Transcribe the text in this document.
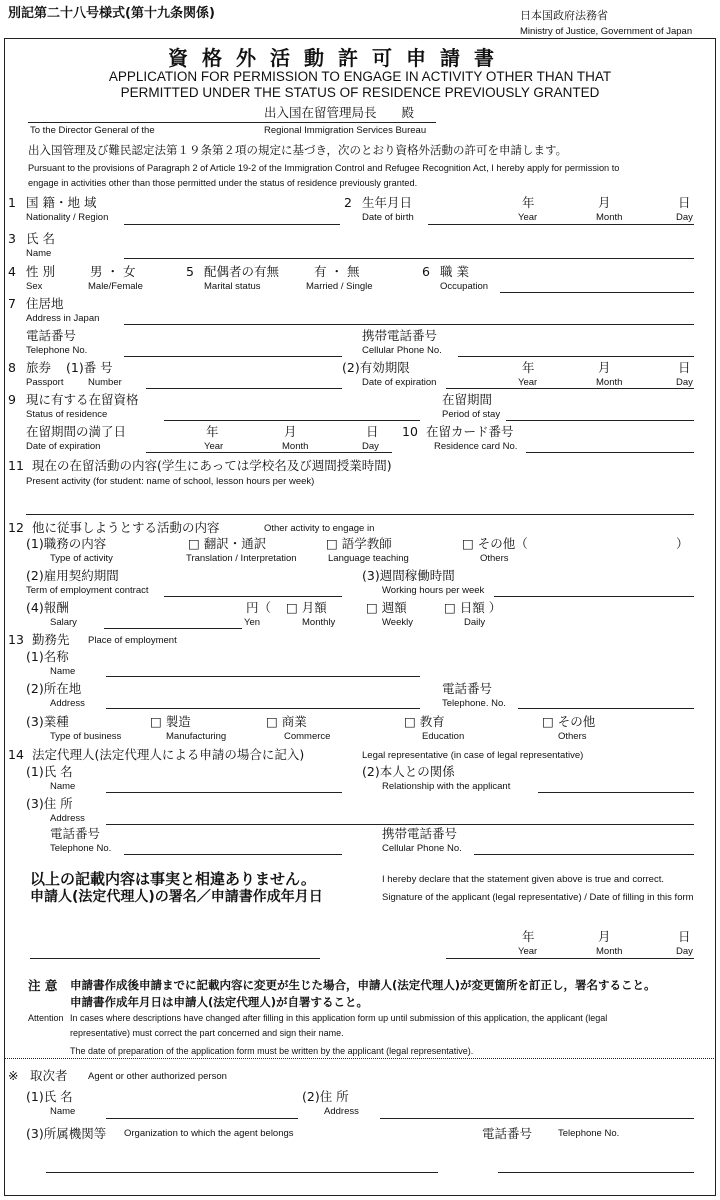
別記第二十八号様式(第十九条関係)	日本国政府法務省
Ministry of Justice, Government of Japan
資格外活動許可申請書
APPLICATION FOR PERMISSION TO ENGAGE IN ACTIVITY OTHER THAN THAT
PERMITTED UNDER THE STATUS OF RESIDENCE PREVIOUSLY GRANTED
出入国在留管理局長　　殿
To the Director General of the	Regional Immigration Services Bureau
出入国管理及び難民認定法第１９条第２項の規定に基づき，次のとおり資格外活動の許可を申請します。
Pursuant to the provisions of Paragraph 2 of Article 19-2 of the Immigration Control and Refugee Recognition Act, I hereby apply for permission to
engage in activities other than those permitted under the status of residence previously granted.
1 国 籍・地 域
Nationality / Region
2 生年月日
Date of birth
年	月	日
Year	Month	Day
3 氏 名
Name
4 性 別
Sex
男 ・ 女
Male/Female
5 配偶者の有無
Marital status
有 ・ 無
Married / Single
6 職 業
Occupation
7 住居地
Address in Japan
電話番号
Telephone No.
携帯電話番号
Cellular Phone No.
8 旅券
Passport
(1)番 号
Number
(2)有効期限
Date of expiration
年	月	日
Year	Month	Day
9 現に有する在留資格
Status of residence
在留期間
Period of stay
在留期間の満了日
Date of expiration
年	月	日
Year	Month	Day
10 在留カード番号
Residence card No.
11 現在の在留活動の内容(学生にあっては学校名及び週間授業時間)
Present activity (for student: name of school, lesson hours per week)
12 他に従事しようとする活動の内容	Other activity to engage in
(1)職務の内容
Type of activity
□ 翻訳・通訳
Translation / Interpretation
□ 語学教師
Language teaching
□ その他（	）
Others
(2)雇用契約期間
Term of employment contract
(3)週間稼働時間
Working hours per week
(4)報酬
Salary
円（
Yen
□ 月額
Monthly
□ 週額
Weekly
□ 日額 ）
Daily
13 勤務先 Place of employment
(1)名称
Name
(2)所在地
Address
電話番号
Telephone. No.
(3)業種
Type of business
□ 製造
Manufacturing
□ 商業
Commerce
□ 教育
Education
□ その他
Others
14 法定代理人(法定代理人による申請の場合に記入)	Legal representative (in case of legal representative)
(1)氏 名
Name
(2)本人との関係
Relationship with the applicant
(3)住 所
Address
電話番号
Telephone No.
携帯電話番号
Cellular Phone No.
以上の記載内容は事実と相違ありません。	I hereby declare that the statement given above is true and correct.
申請人(法定代理人)の署名／申請書作成年月日	Signature of the applicant (legal representative) / Date of filling in this form
年	月	日
Year	Month	Day
注 意 申請書作成後申請までに記載内容に変更が生じた場合，申請人(法定代理人)が変更箇所を訂正し，署名すること。
申請書作成年月日は申請人(法定代理人)が自署すること。
Attention In cases where descriptions have changed after filling in this application form up until submission of this application, the applicant (legal
representative) must correct the part concerned and sign their name.
The date of preparation of the application form must be written by the applicant (legal representative).
※ 取次者 Agent or other authorized person
(1)氏 名
Name
(2)住 所
Address
(3)所属機関等 Organization to which the agent belongs	電話番号	Telephone No.
